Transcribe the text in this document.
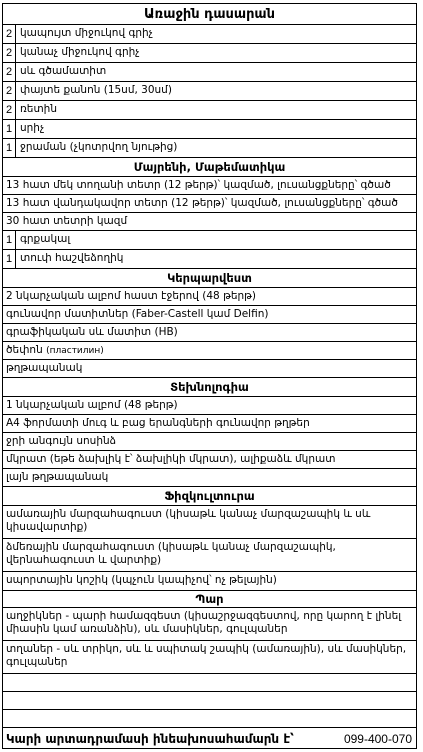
Առաջին դասարան
2 կապույտ միջուկով գրիչ
2 կանաչ միջուկով գրիչ
2 սև գծամատիտ
2 փայտե քանոն (15սմ, 30սմ)
2 ռետին
1 սրիչ
1 ջրաման (չկոտրվող նյութից)
Մայրենի, Մաթեմատիկա
13 հատ մեկ տողանի տետր (12 թերթ)՝ կազմած, լուսանցքները՝ գծած
13 հատ վանդակավոր տետր (12 թերթ)՝ կազմած, լուսանցքները՝ գծած
30 հատ տետրի կազմ
1 գրքակալ
1 տուփ հաշվեձողիկ
Կերպարվեստ
2 նկարչական ալբոմ հաստ էջերով (48 թերթ)
գունավոր մատիտներ (Faber-Castell կամ Delfin)
գրաֆիկական սև մատիտ (HB)
ծեփոն (пластилин)
թղթապանակ
Տեխնոլոգիա
1 նկարչական ալբոմ (48 թերթ)
A4 ֆորմատի մուգ և բաց երանգների գունավոր թղթեր
ջրի անգույն սոսինձ
մկրատ (եթե ձախլիկ է՝ ձախլիկի մկրատ), ալիքաձև մկրատ
լայն թղթապանակ
Ֆիզկուլտուրա
ամառային մարզահագուստ (կիսաթև կանաչ մարզաշապիկ և սև կիսավարտիք)
ձմեռային մարզահագուստ (կիսաթև կանաչ մարզաշապիկ, վերնահագուստ և վարտիք)
սպորտային կոշիկ (կպչուն կապիչով՝ ոչ թելային)
Պար
աղջիկներ - պարի համազգեստ (կիսաշրջազգեստով, որը կարող է լինել միասին կամ առանձին), սև մասիկներ, գուլպաներ
տղաներ - սև տրիկո, սև և սպիտակ շապիկ (ամառային), սև մասիկներ, գուլպաներ
Կարի արտադրամասի ինեախոսահամարն է՝	099-400-070
